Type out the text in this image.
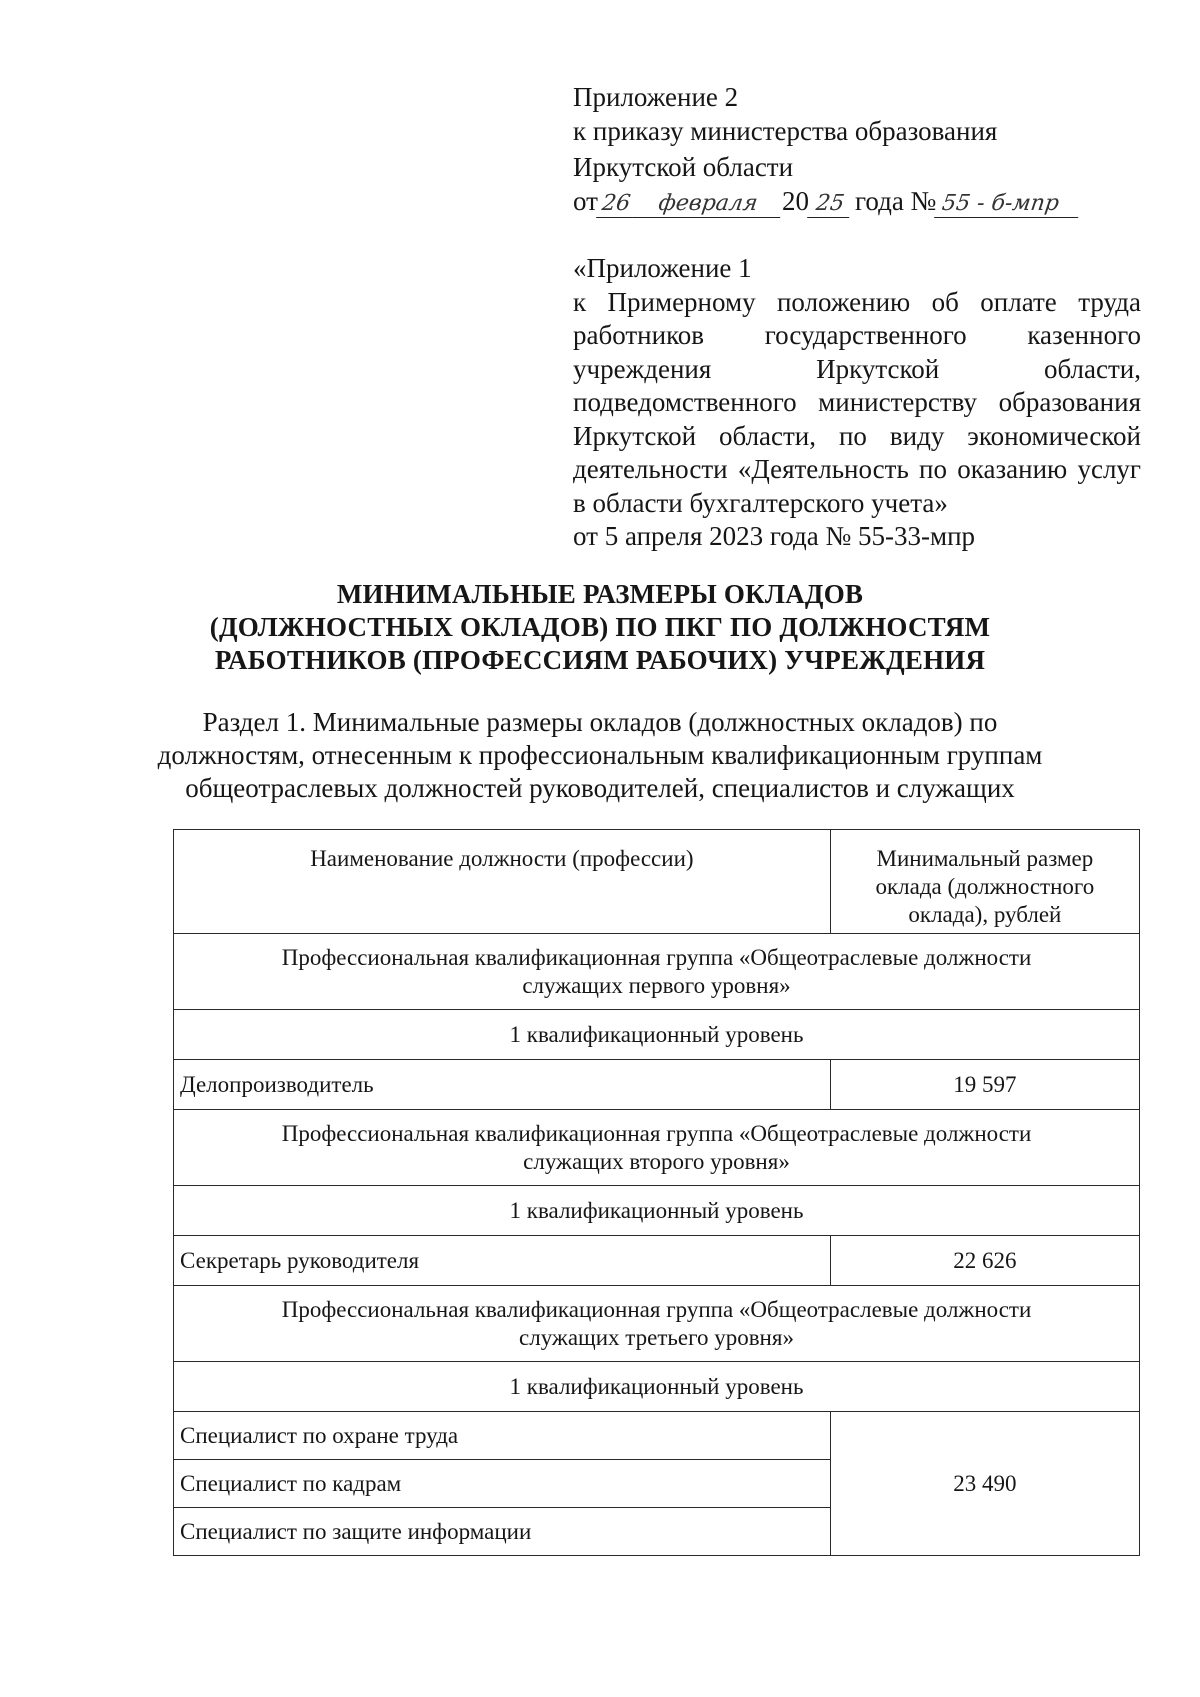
Приложение 2
к приказу министерства образования
Иркутской области
от 26	февраля 20 25 года № 55 - б-мпр
«Приложение 1
к Примерному положению об оплате труда
работников государственного казенного
учреждения Иркутской области,
подведомственного министерству образования
Иркутской области, по виду экономической
деятельности «Деятельность по оказанию услуг
в области бухгалтерского учета»
от 5 апреля 2023 года № 55-33-мпр
МИНИМАЛЬНЫЕ РАЗМЕРЫ ОКЛАДОВ
(ДОЛЖНОСТНЫХ ОКЛАДОВ) ПО ПКГ ПО ДОЛЖНОСТЯМ
РАБОТНИКОВ (ПРОФЕССИЯМ РАБОЧИХ) УЧРЕЖДЕНИЯ
Раздел 1. Минимальные размеры окладов (должностных окладов) по
должностям, отнесенным к профессиональным квалификационным группам
общеотраслевых должностей руководителей, специалистов и служащих
Наименование должности (профессии)	Минимальный размер
оклада (должностного
оклада), рублей

Профессиональная квалификационная группа «Общеотраслевые должности
служащих первого уровня»	

1 квалификационный уровень	
Делопроизводитель	19 597

Профессиональная квалификационная группа «Общеотраслевые должности
служащих второго уровня»	

1 квалификационный уровень	
Секретарь руководителя	22 626

Профессиональная квалификационная группа «Общеотраслевые должности
служащих третьего уровня»	

1 квалификационный уровень	
Специалист по охране труда	23 490
Специалист по кадрам	
Специалист по защите информации	
